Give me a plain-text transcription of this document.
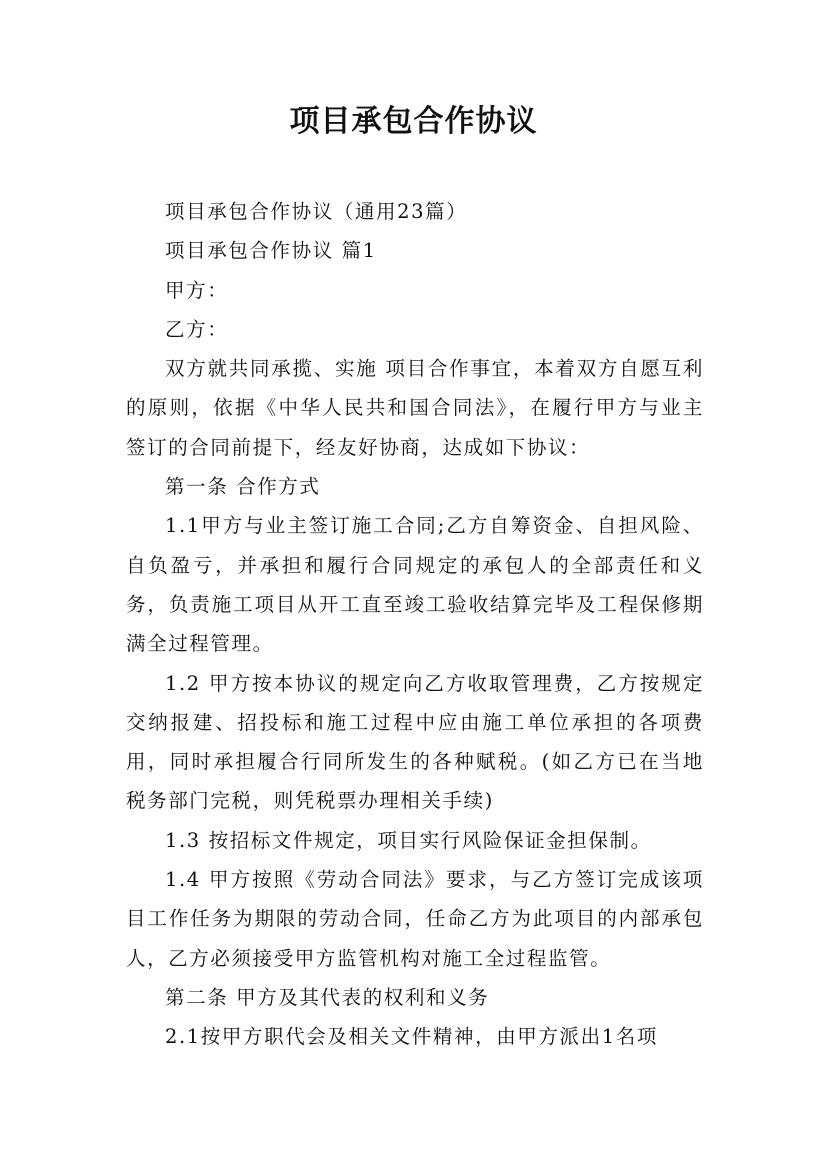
项目承包合作协议

项目承包合作协议（通用23篇）

项目承包合作协议 篇1

甲方：

乙方：

双方就共同承揽、实施 项目合作事宜，本着双方自愿互利的原则，依据《中华人民共和国合同法》，在履行甲方与业主签订的合同前提下，经友好协商，达成如下协议：

第一条 合作方式

1.1甲方与业主签订施工合同;乙方自筹资金、自担风险、自负盈亏，并承担和履行合同规定的承包人的全部责任和义务，负责施工项目从开工直至竣工验收结算完毕及工程保修期满全过程管理。

1.2 甲方按本协议的规定向乙方收取管理费，乙方按规定交纳报建、招投标和施工过程中应由施工单位承担的各项费用，同时承担履合行同所发生的各种赋税。(如乙方已在当地税务部门完税，则凭税票办理相关手续)

1.3 按招标文件规定，项目实行风险保证金担保制。

1.4 甲方按照《劳动合同法》要求，与乙方签订完成该项目工作任务为期限的劳动合同，任命乙方为此项目的内部承包人，乙方必须接受甲方监管机构对施工全过程监管。

第二条 甲方及其代表的权利和义务

2.1按甲方职代会及相关文件精神，由甲方派出1名项
